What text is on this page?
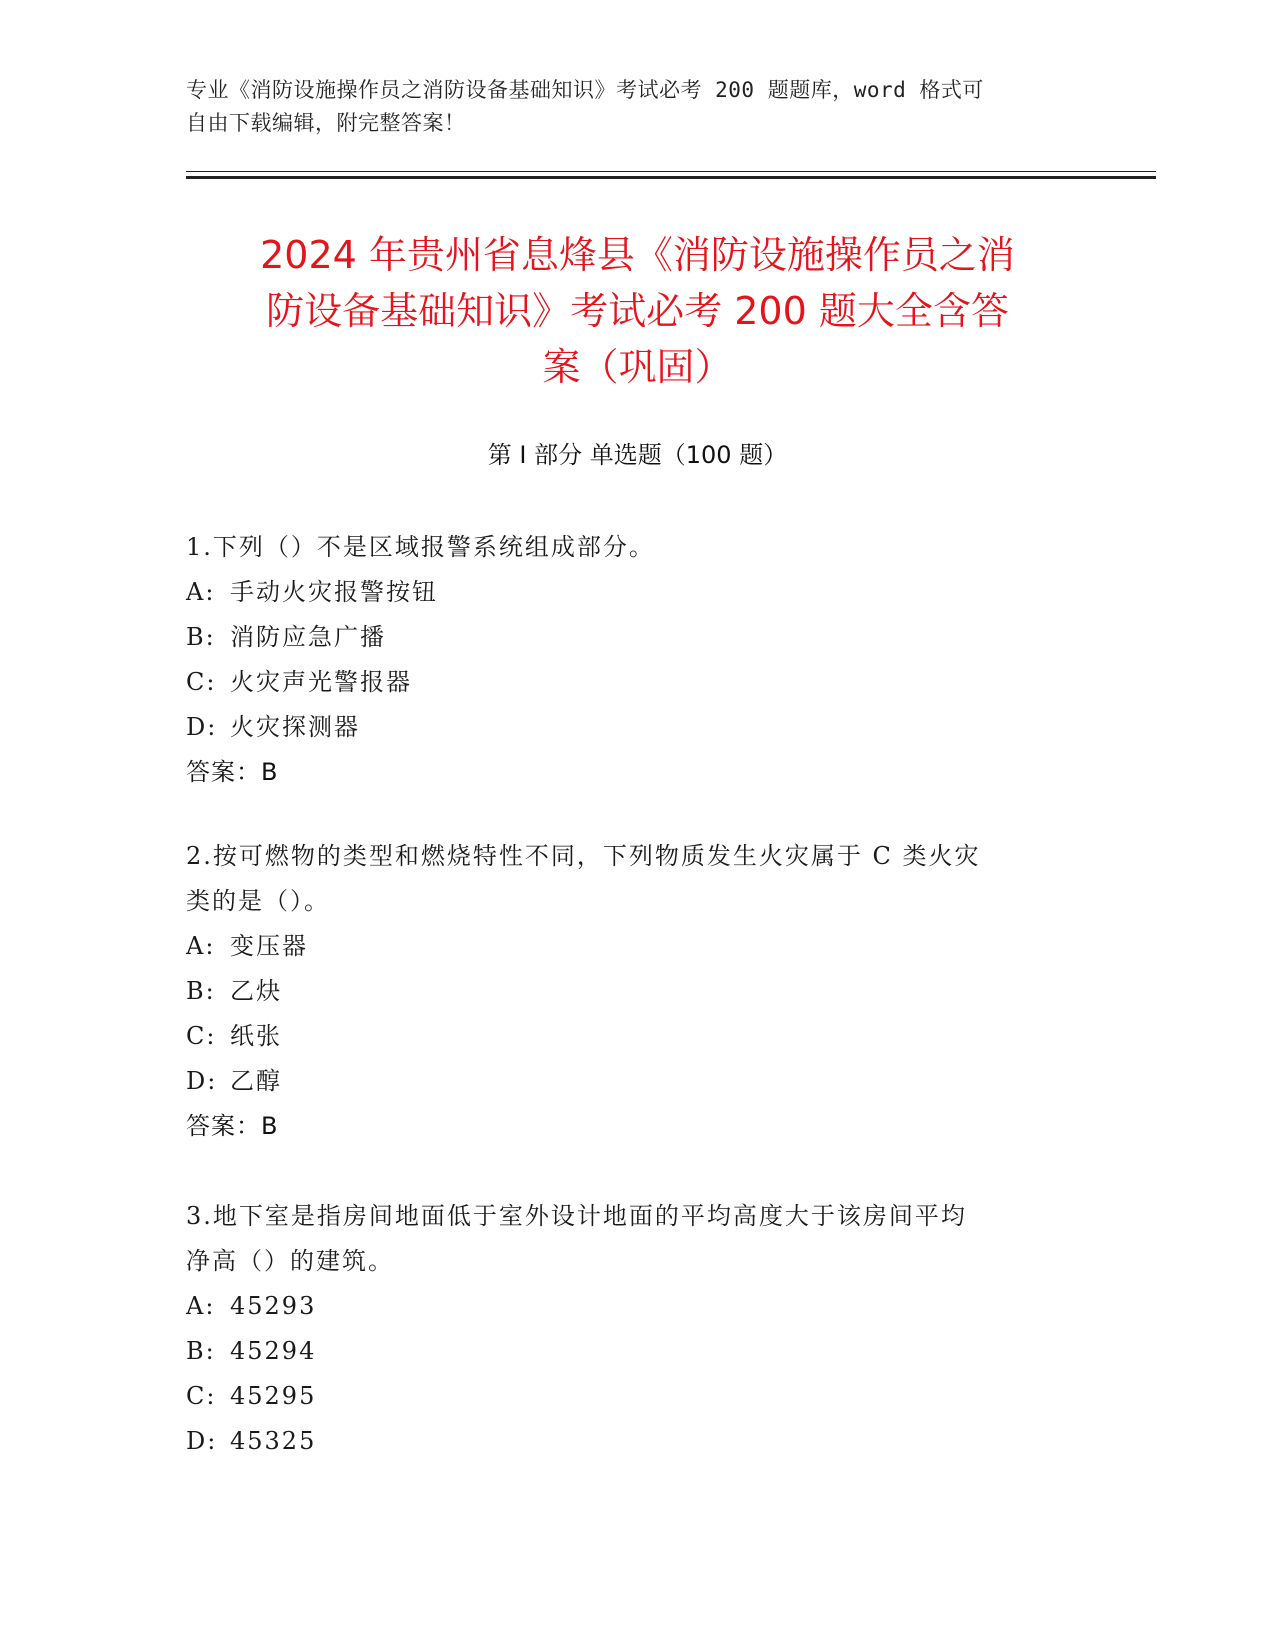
专业《消防设施操作员之消防设备基础知识》考试必考 200 题题库，word 格式可
自由下载编辑，附完整答案！
2024 年贵州省息烽县《消防设施操作员之消
防设备基础知识》考试必考 200 题大全含答
案（巩固）
第 I 部分 单选题（100 题）
1.下列（）不是区域报警系统组成部分。
A: 手动火灾报警按钮
B: 消防应急广播
C: 火灾声光警报器
D: 火灾探测器
答案：B
2.按可燃物的类型和燃烧特性不同，下列物质发生火灾属于 C 类火灾
类的是（）。
A: 变压器
B: 乙炔
C: 纸张
D: 乙醇
答案：B
3.地下室是指房间地面低于室外设计地面的平均高度大于该房间平均
净高（）的建筑。
A: 45293
B: 45294
C: 45295
D: 45325
